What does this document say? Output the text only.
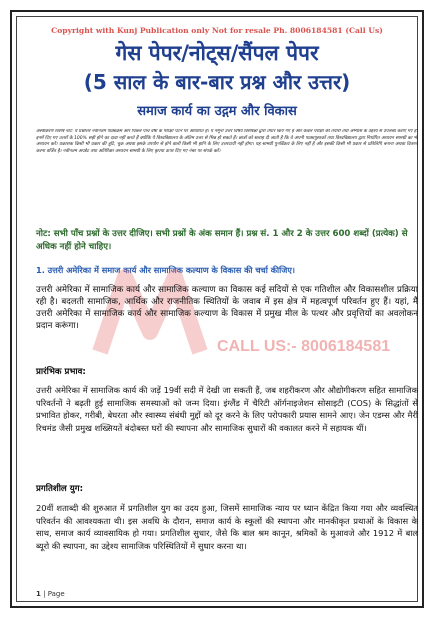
Copyright with Kunj Publication only Not for resale Ph. 8006184581 (Call Us)
गेस पेपर/नोट्स/सैंपल पेपर
(5 साल के बार-बार प्रश्न और उत्तर)
समाज कार्य का उद्गम और विकास
अस्वीकरण विशेष नोट: ये प्रश्नोत्तर नवीनतम पाठ्यक्रम और पिछले पांच वर्षों के परीक्षा पैटर्न पर आधारित हैं। ये नमूना उत्तर विषय विशेषज्ञों द्वारा तैयार किए गए हैं और केवल परीक्षा की तैयारी तथा अभ्यास के उद्देश्य से उपलब्ध कराए गए हैं। इनमें दिए गए उत्तरों के 100% सही होने का दावा नहीं करते हैं क्योंकि ये विश्वविद्यालय के अंतिम उत्तर से भिन्न हो सकते हैं। छात्रों को सलाह दी जाती है कि वे अपनी पाठ्यपुस्तकों तथा विश्वविद्यालय द्वारा निर्धारित अध्ययन सामग्री का भी अध्ययन करें। प्रकाशक किसी भी प्रकार की त्रुटि, चूक अथवा इसके उपयोग से होने वाली किसी भी हानि के लिए उत्तरदायी नहीं होगा। यह सामग्री पुनर्विक्रय के लिए नहीं है और इसकी किसी भी प्रकार से प्रतिलिपि बनाना अथवा वितरण करना वर्जित है। नवीनतम अपडेट तथा अतिरिक्त अध्ययन सामग्री के लिए कृपया ऊपर दिए गए नंबर पर संपर्क करें।
नोट: सभी पाँच प्रश्नों के उत्तर दीजिए। सभी प्रश्नों के अंक समान हैं। प्रश्न सं. 1 और 2 के उत्तर 600 शब्दों (प्रत्येक) से अधिक नहीं होने चाहिए।
1. उत्तरी अमेरिका में समाज कार्य और सामाजिक कल्याण के विकास की चर्चा कीजिए।
उत्तरी अमेरिका में सामाजिक कार्य और सामाजिक कल्याण का विकास कई सदियों से एक गतिशील और विकासशील प्रक्रिया रही है। बदलती सामाजिक, आर्थिक और राजनीतिक स्थितियों के जवाब में इस क्षेत्र में महत्वपूर्ण परिवर्तन हुए हैं। यहां, मैं उत्तरी अमेरिका में सामाजिक कार्य और सामाजिक कल्याण के विकास में प्रमुख मील के पत्थर और प्रवृत्तियों का अवलोकन प्रदान करूंगा।
CALL US:- 8006184581
प्रारंभिक प्रभाव:
उत्तरी अमेरिका में सामाजिक कार्य की जड़ें 19वीं सदी में देखी जा सकती हैं, जब शहरीकरण और औद्योगीकरण सहित सामाजिक परिवर्तनों ने बढ़ती हुई सामाजिक समस्याओं को जन्म दिया। इंग्लैंड में चैरिटी ऑर्गनाइजेशन सोसाइटी (COS) के सिद्धांतों से प्रभावित होकर, गरीबी, बेघरता और स्वास्थ्य संबंधी मुद्दों को दूर करने के लिए परोपकारी प्रयास सामने आए। जेन एडम्स और मैरी रिचमंड जैसी प्रमुख शख्सियतें बंदोबस्त घरों की स्थापना और सामाजिक सुधारों की वकालत करने में सहायक थीं।
प्रगतिशील युग:
20वीं शताब्दी की शुरुआत में प्रगतिशील युग का उदय हुआ, जिसमें सामाजिक न्याय पर ध्यान केंद्रित किया गया और व्यवस्थित परिवर्तन की आवश्यकता थी। इस अवधि के दौरान, समाज कार्य के स्कूलों की स्थापना और मानकीकृत प्रथाओं के विकास के साथ, समाज कार्य व्यावसायिक हो गया। प्रगतिशील सुधार, जैसे कि बाल श्रम कानून, श्रमिकों के मुआवजे और 1912 में बाल ब्यूरो की स्थापना, का उद्देश्य सामाजिक परिस्थितियों में सुधार करना था।
1 | Page
